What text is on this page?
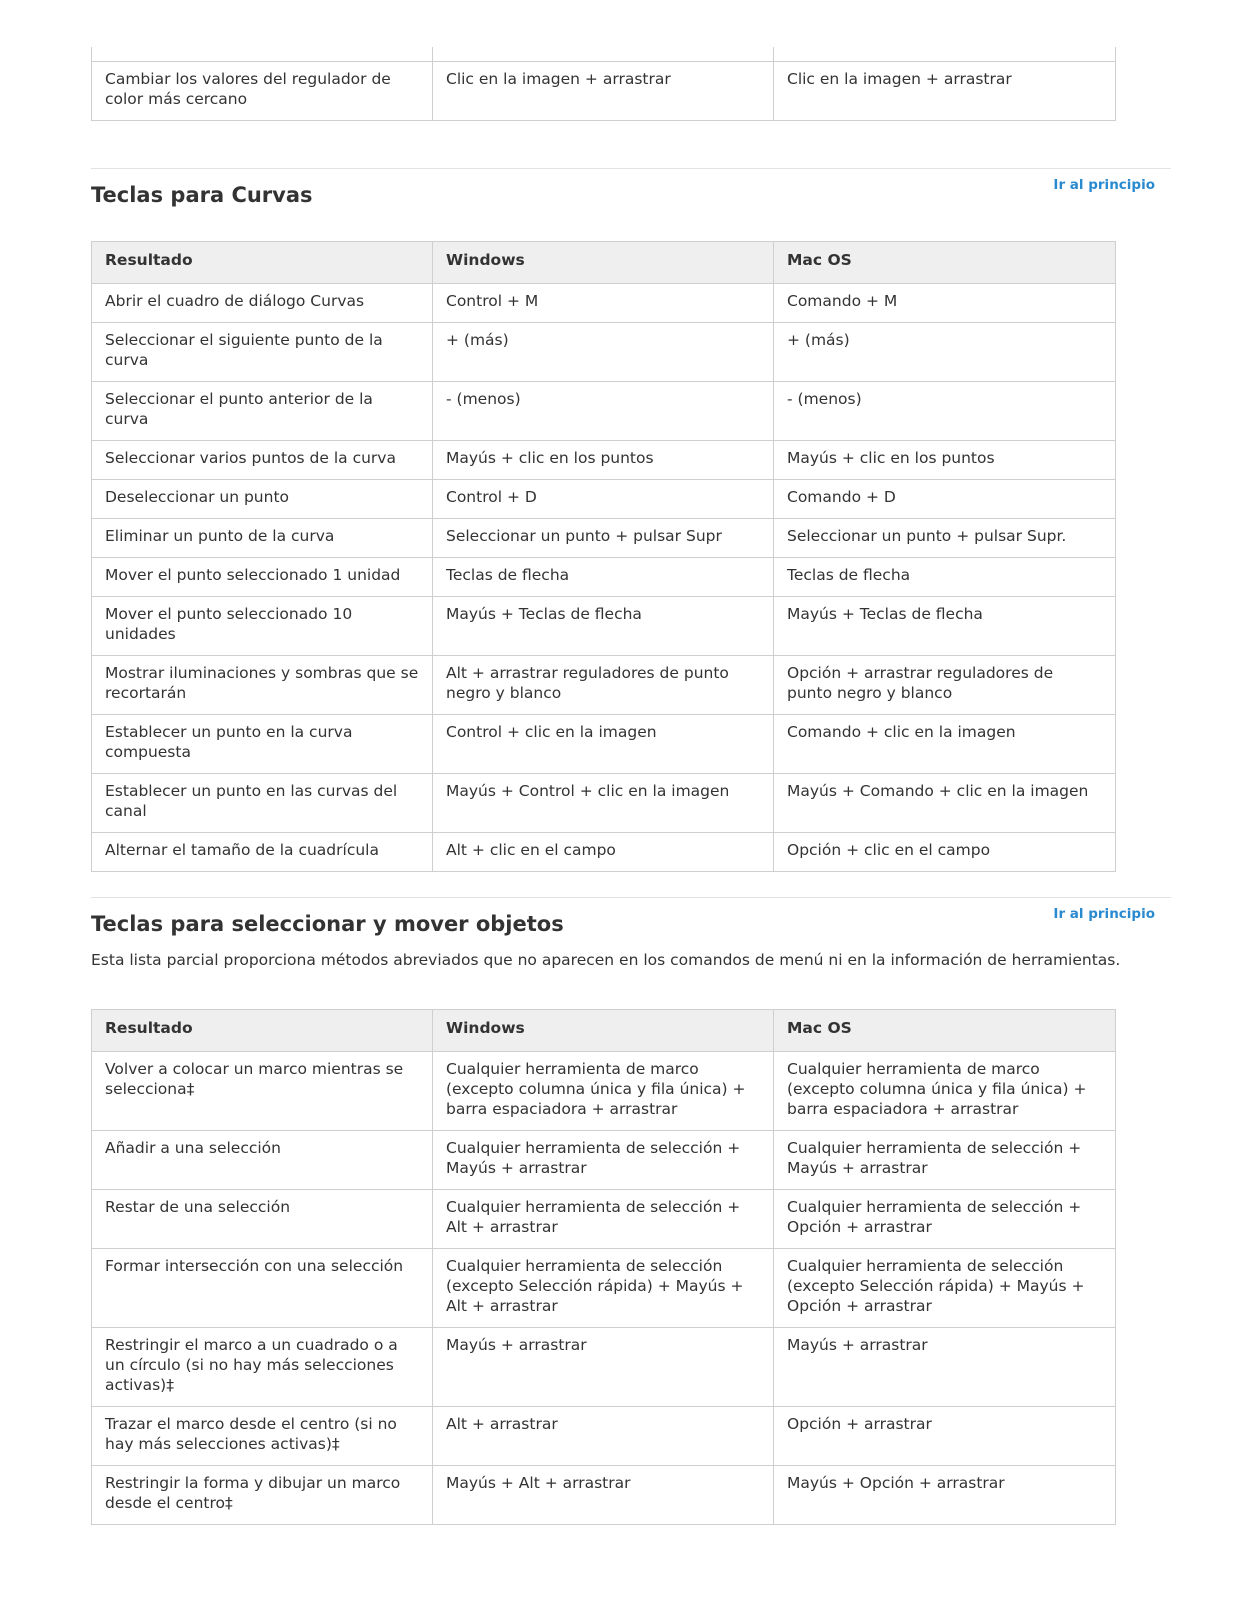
Cambiar los valores del regulador de color más cercano	Clic en la imagen + arrastrar	Clic en la imagen + arrastrar
Ir al principio
Teclas para Curvas
Resultado	Windows	Mac OS
Abrir el cuadro de diálogo Curvas	Control + M	Comando + M
Seleccionar el siguiente punto de la curva	+ (más)	+ (más)
Seleccionar el punto anterior de la curva	- (menos)	- (menos)
Seleccionar varios puntos de la curva	Mayús + clic en los puntos	Mayús + clic en los puntos
Deseleccionar un punto	Control + D	Comando + D
Eliminar un punto de la curva	Seleccionar un punto + pulsar Supr	Seleccionar un punto + pulsar Supr.
Mover el punto seleccionado 1 unidad	Teclas de flecha	Teclas de flecha
Mover el punto seleccionado 10 unidades	Mayús + Teclas de flecha	Mayús + Teclas de flecha
Mostrar iluminaciones y sombras que se recortarán	Alt + arrastrar reguladores de punto negro y blanco	Opción + arrastrar reguladores de punto negro y blanco
Establecer un punto en la curva compuesta	Control + clic en la imagen	Comando + clic en la imagen
Establecer un punto en las curvas del canal	Mayús + Control + clic en la imagen	Mayús + Comando + clic en la imagen
Alternar el tamaño de la cuadrícula	Alt + clic en el campo	Opción + clic en el campo
Ir al principio
Teclas para seleccionar y mover objetos

Esta lista parcial proporciona métodos abreviados que no aparecen en los comandos de menú ni en la información de herramientas.

Resultado	Windows	Mac OS
Volver a colocar un marco mientras se selecciona‡	Cualquier herramienta de marco (excepto columna única y fila única) + barra espaciadora + arrastrar	Cualquier herramienta de marco (excepto columna única y fila única) + barra espaciadora + arrastrar
Añadir a una selección	Cualquier herramienta de selección + Mayús + arrastrar	Cualquier herramienta de selección + Mayús + arrastrar
Restar de una selección	Cualquier herramienta de selección + Alt + arrastrar	Cualquier herramienta de selección + Opción + arrastrar
Formar intersección con una selección	Cualquier herramienta de selección (excepto Selección rápida) + Mayús + Alt + arrastrar	Cualquier herramienta de selección (excepto Selección rápida) + Mayús + Opción + arrastrar
Restringir el marco a un cuadrado o a un círculo (si no hay más selecciones activas)‡	Mayús + arrastrar	Mayús + arrastrar
Trazar el marco desde el centro (si no hay más selecciones activas)‡	Alt + arrastrar	Opción + arrastrar
Restringir la forma y dibujar un marco desde el centro‡	Mayús + Alt + arrastrar	Mayús + Opción + arrastrar
